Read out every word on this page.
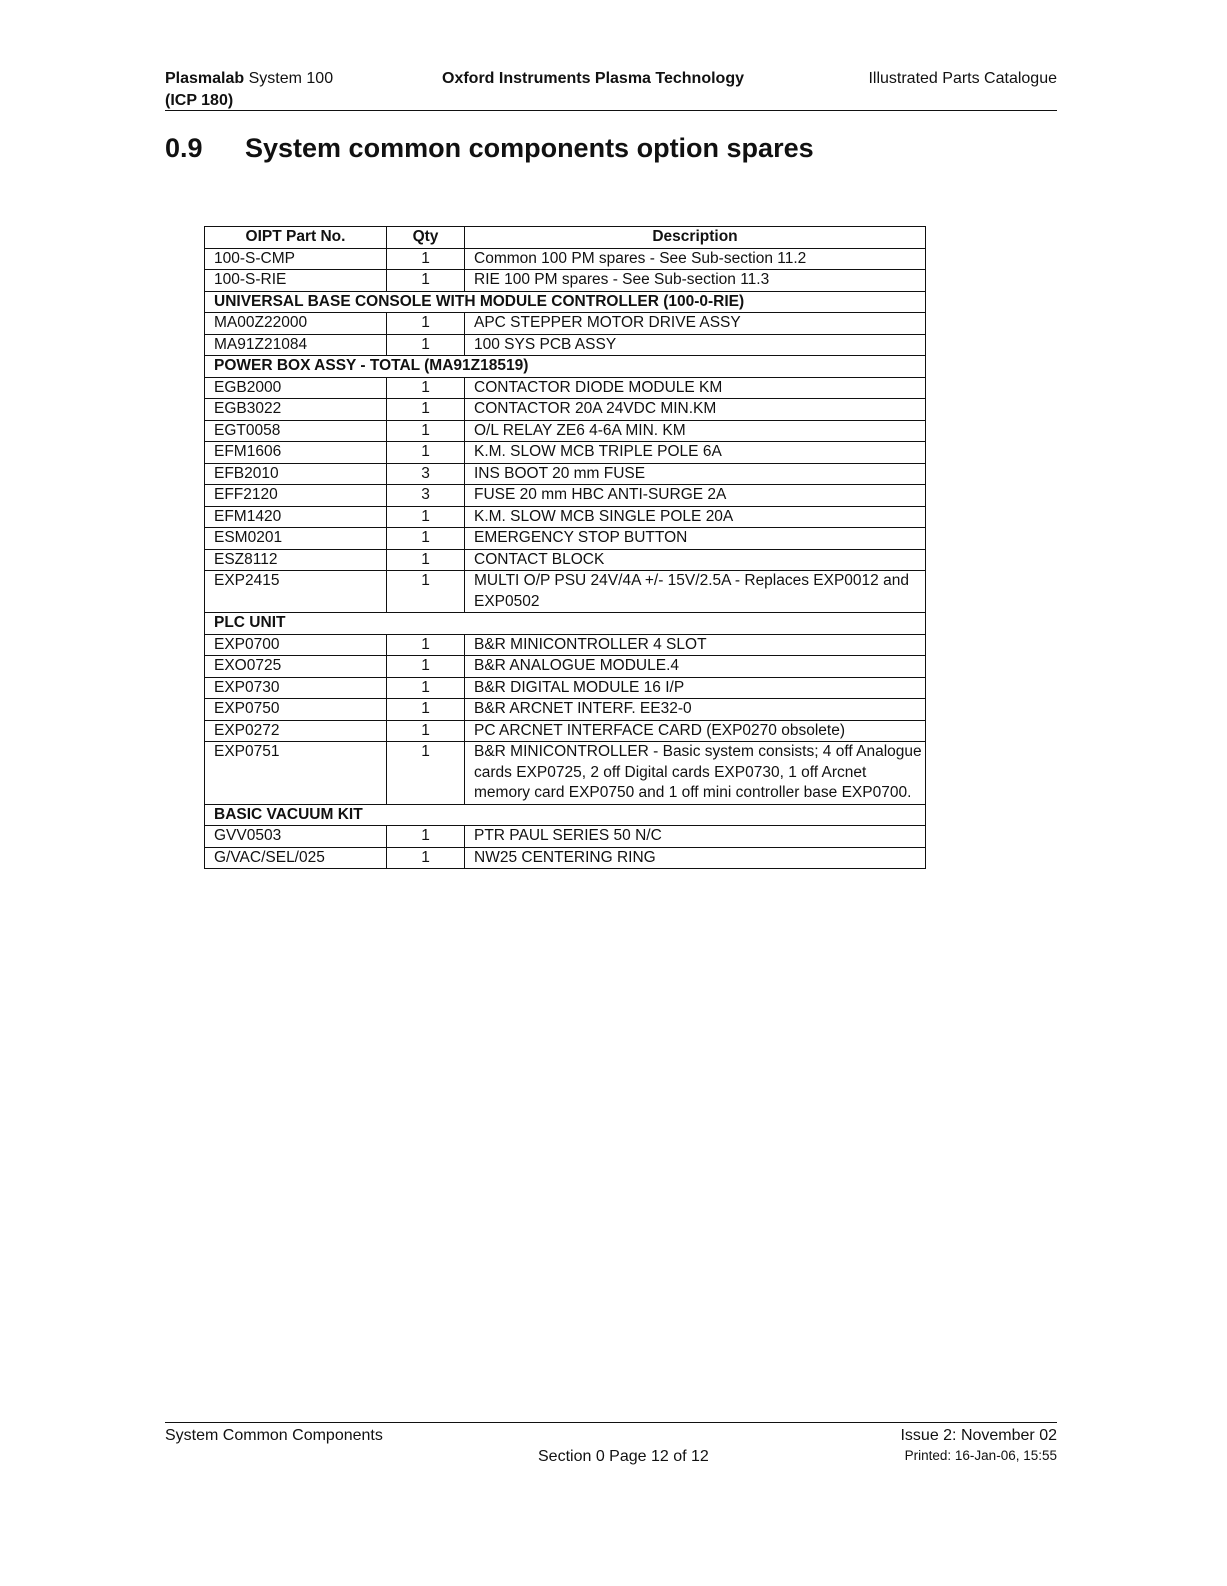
Plasmalab System 100
(ICP 180)
Oxford Instruments Plasma Technology	Illustrated Parts Catalogue
0.9 System common components option spares
OIPT Part No.	Qty	Description
100-S-CMP	1	Common 100 PM spares - See Sub-section 11.2
100-S-RIE	1	RIE 100 PM spares - See Sub-section 11.3
UNIVERSAL BASE CONSOLE WITH MODULE CONTROLLER (100-0-RIE)		
MA00Z22000	1	APC STEPPER MOTOR DRIVE ASSY
MA91Z21084	1	100 SYS PCB ASSY
POWER BOX ASSY - TOTAL (MA91Z18519)		
EGB2000	1	CONTACTOR DIODE MODULE KM
EGB3022	1	CONTACTOR 20A 24VDC MIN.KM
EGT0058	1	O/L RELAY ZE6 4-6A MIN. KM
EFM1606	1	K.M. SLOW MCB TRIPLE POLE 6A
EFB2010	3	INS BOOT 20 mm FUSE
EFF2120	3	FUSE 20 mm HBC ANTI-SURGE 2A
EFM1420	1	K.M. SLOW MCB SINGLE POLE 20A
ESM0201	1	EMERGENCY STOP BUTTON
ESZ8112	1	CONTACT BLOCK
EXP2415	1	MULTI O/P PSU 24V/4A +/- 15V/2.5A - Replaces EXP0012 and EXP0502
PLC UNIT		
EXP0700	1	B&R MINICONTROLLER 4 SLOT
EXO0725	1	B&R ANALOGUE MODULE.4
EXP0730	1	B&R DIGITAL MODULE 16 I/P
EXP0750	1	B&R ARCNET INTERF. EE32-0
EXP0272	1	PC ARCNET INTERFACE CARD (EXP0270 obsolete)
EXP0751	1	B&R MINICONTROLLER - Basic system consists; 4 off Analogue cards EXP0725, 2 off Digital cards EXP0730, 1 off Arcnet memory card EXP0750 and 1 off mini controller base EXP0700.
BASIC VACUUM KIT		
GVV0503	1	PTR PAUL SERIES 50 N/C
G/VAC/SEL/025	1	NW25 CENTERING RING
System Common Components
Section 0 Page 12 of 12
Issue 2: November 02
Printed: 16-Jan-06, 15:55
